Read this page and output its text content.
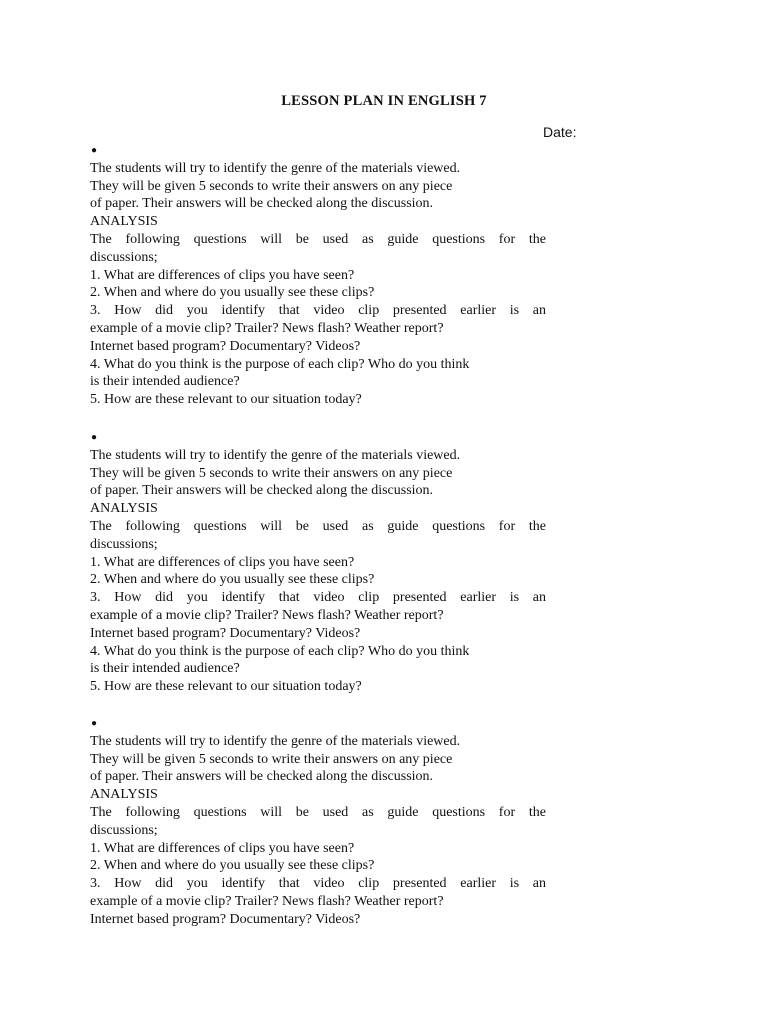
LESSON PLAN IN ENGLISH 7
Date:
●
The students will try to identify the genre of the materials viewed.
They will be given 5 seconds to write their answers on any piece
of paper. Their answers will be checked along the discussion.
ANALYSIS
The following questions will be used as guide questions for the
discussions;
1. What are differences of clips you have seen?
2. When and where do you usually see these clips?
3. How did you identify that video clip presented earlier is an
example of a movie clip? Trailer? News flash? Weather report?
Internet based program? Documentary? Videos?
4. What do you think is the purpose of each clip? Who do you think
is their intended audience?
5. How are these relevant to our situation today?
●
The students will try to identify the genre of the materials viewed.
They will be given 5 seconds to write their answers on any piece
of paper. Their answers will be checked along the discussion.
ANALYSIS
The following questions will be used as guide questions for the
discussions;
1. What are differences of clips you have seen?
2. When and where do you usually see these clips?
3. How did you identify that video clip presented earlier is an
example of a movie clip? Trailer? News flash? Weather report?
Internet based program? Documentary? Videos?
4. What do you think is the purpose of each clip? Who do you think
is their intended audience?
5. How are these relevant to our situation today?
●
The students will try to identify the genre of the materials viewed.
They will be given 5 seconds to write their answers on any piece
of paper. Their answers will be checked along the discussion.
ANALYSIS
The following questions will be used as guide questions for the
discussions;
1. What are differences of clips you have seen?
2. When and where do you usually see these clips?
3. How did you identify that video clip presented earlier is an
example of a movie clip? Trailer? News flash? Weather report?
Internet based program? Documentary? Videos?
